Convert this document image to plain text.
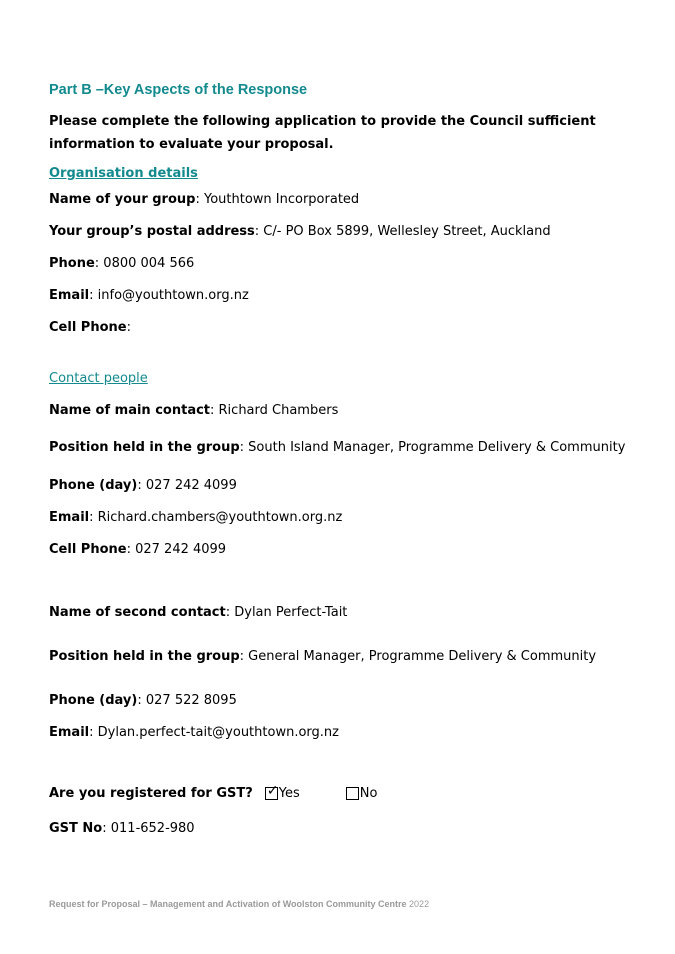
Part B –Key Aspects of the Response
Please complete the following application to provide the Council sufficient information to evaluate your proposal.
Organisation details
Name of your group: Youthtown Incorporated
Your group’s postal address: C/- PO Box 5899, Wellesley Street, Auckland
Phone: 0800 004 566
Email: info@youthtown.org.nz
Cell Phone:
Contact people
Name of main contact: Richard Chambers
Position held in the group: South Island Manager, Programme Delivery & Community
Phone (day): 027 242 4099
Email: Richard.chambers@youthtown.org.nz
Cell Phone: 027 242 4099
Name of second contact: Dylan Perfect-Tait
Position held in the group: General Manager, Programme Delivery & Community
Phone (day): 027 522 8095
Email: Dylan.perfect-tait@youthtown.org.nz
Are you registered for GST? ✓ Yes	No
GST No: 011-652-980
Request for Proposal – Management and Activation of Woolston Community Centre 2022
